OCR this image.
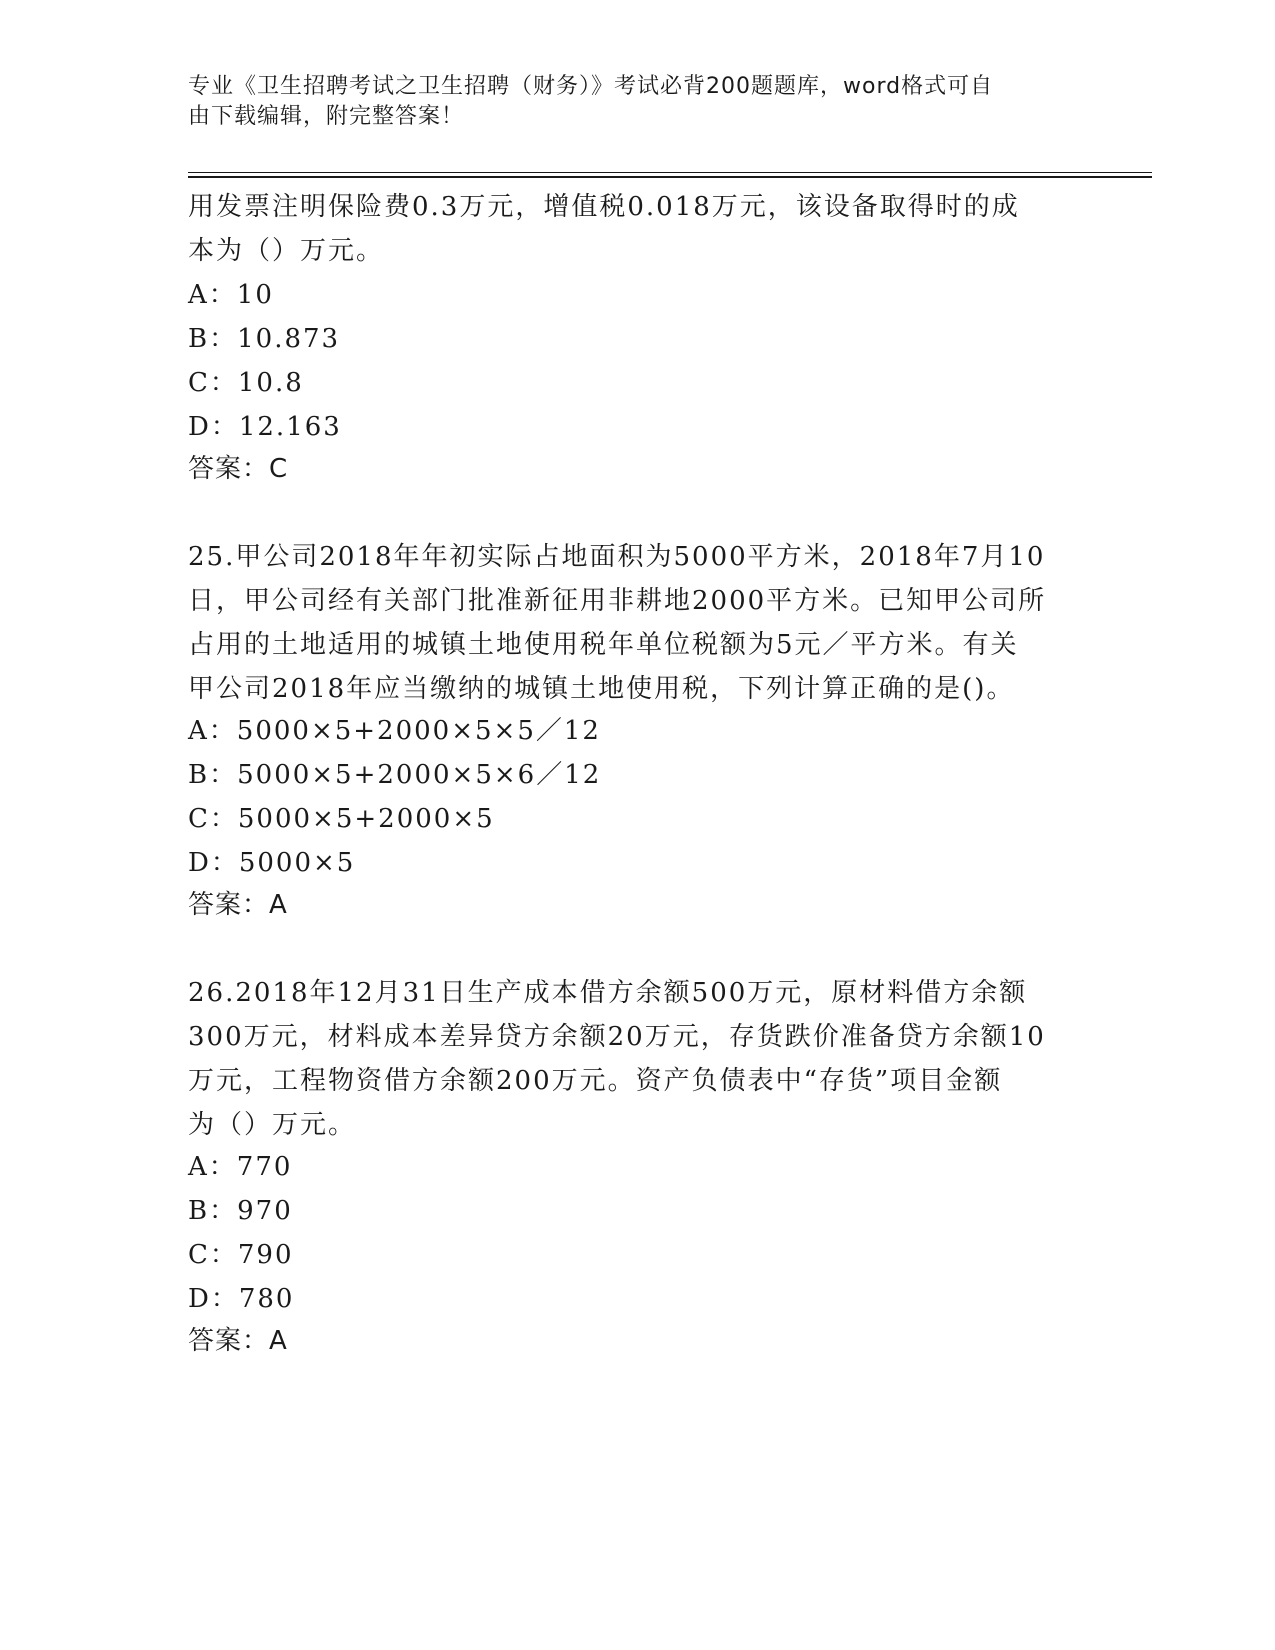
专业《卫生招聘考试之卫生招聘（财务）》考试必背200题题库，word格式可自
由下载编辑，附完整答案！
用发票注明保险费0.3万元，增值税0.018万元，该设备取得时的成
本为（）万元。
A：10
B：10.873
C：10.8
D：12.163
答案：C
25.甲公司2018年年初实际占地面积为5000平方米，2018年7月10
日，甲公司经有关部门批准新征用非耕地2000平方米。已知甲公司所
占用的土地适用的城镇土地使用税年单位税额为5元／平方米。有关
甲公司2018年应当缴纳的城镇土地使用税，下列计算正确的是()。
A：5000×5+2000×5×5／12
B：5000×5+2000×5×6／12
C：5000×5+2000×5
D：5000×5
答案：A
26.2018年12月31日生产成本借方余额500万元，原材料借方余额
300万元，材料成本差异贷方余额20万元，存货跌价准备贷方余额10
万元，工程物资借方余额200万元。资产负债表中“存货”项目金额
为（）万元。
A：770
B：970
C：790
D：780
答案：A
